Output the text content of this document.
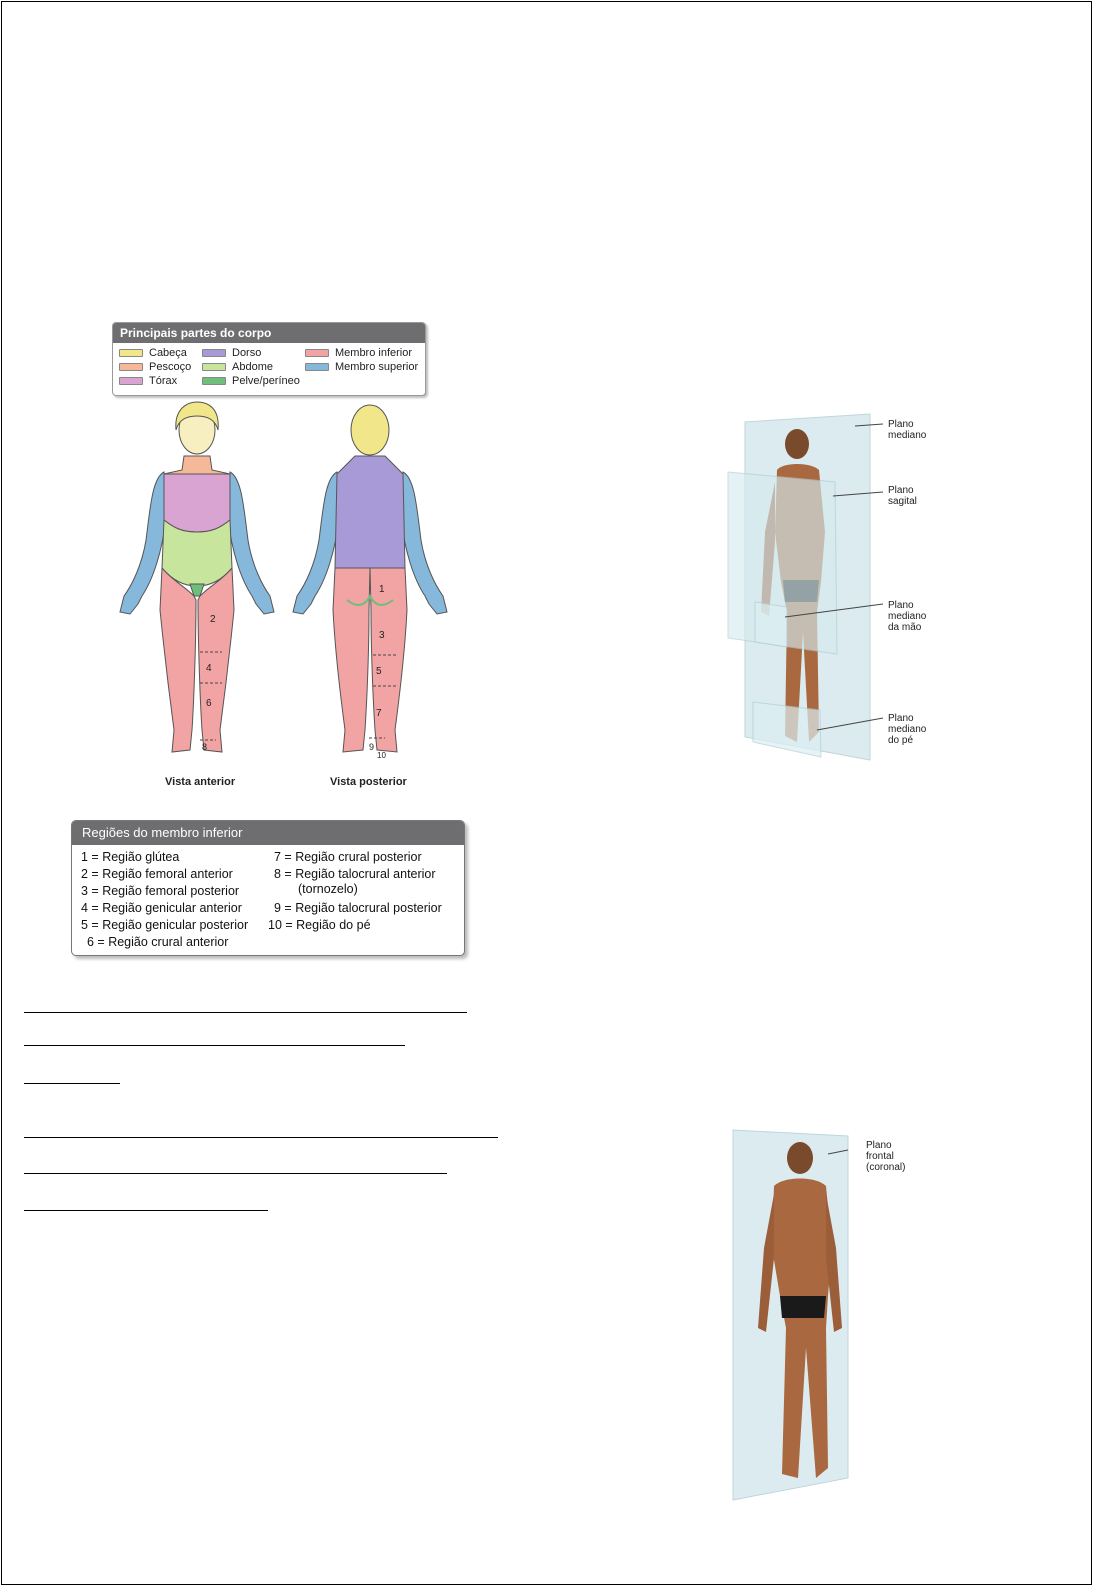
Principais partes do corpo
Cabeça
Pescoço
Tórax
Dorso
Abdome
Pelve/períneo
Membro inferior
Membro superior
2
4
6
8
Vista anterior
1
3
5
7
9
10
Vista posterior
Regiões do membro inferior
1 = Região glútea
2 = Região femoral anterior
3 = Região femoral posterior
4 = Região genicular anterior
5 = Região genicular posterior
6 = Região crural anterior
7 = Região crural posterior
8 = Região talocrural anterior
(tornozelo)
9 = Região talocrural posterior
10 = Região do pé
Plano
mediano
Plano
sagital
Plano
mediano
da mão
Plano
mediano
do pé
Plano
frontal
(coronal)
